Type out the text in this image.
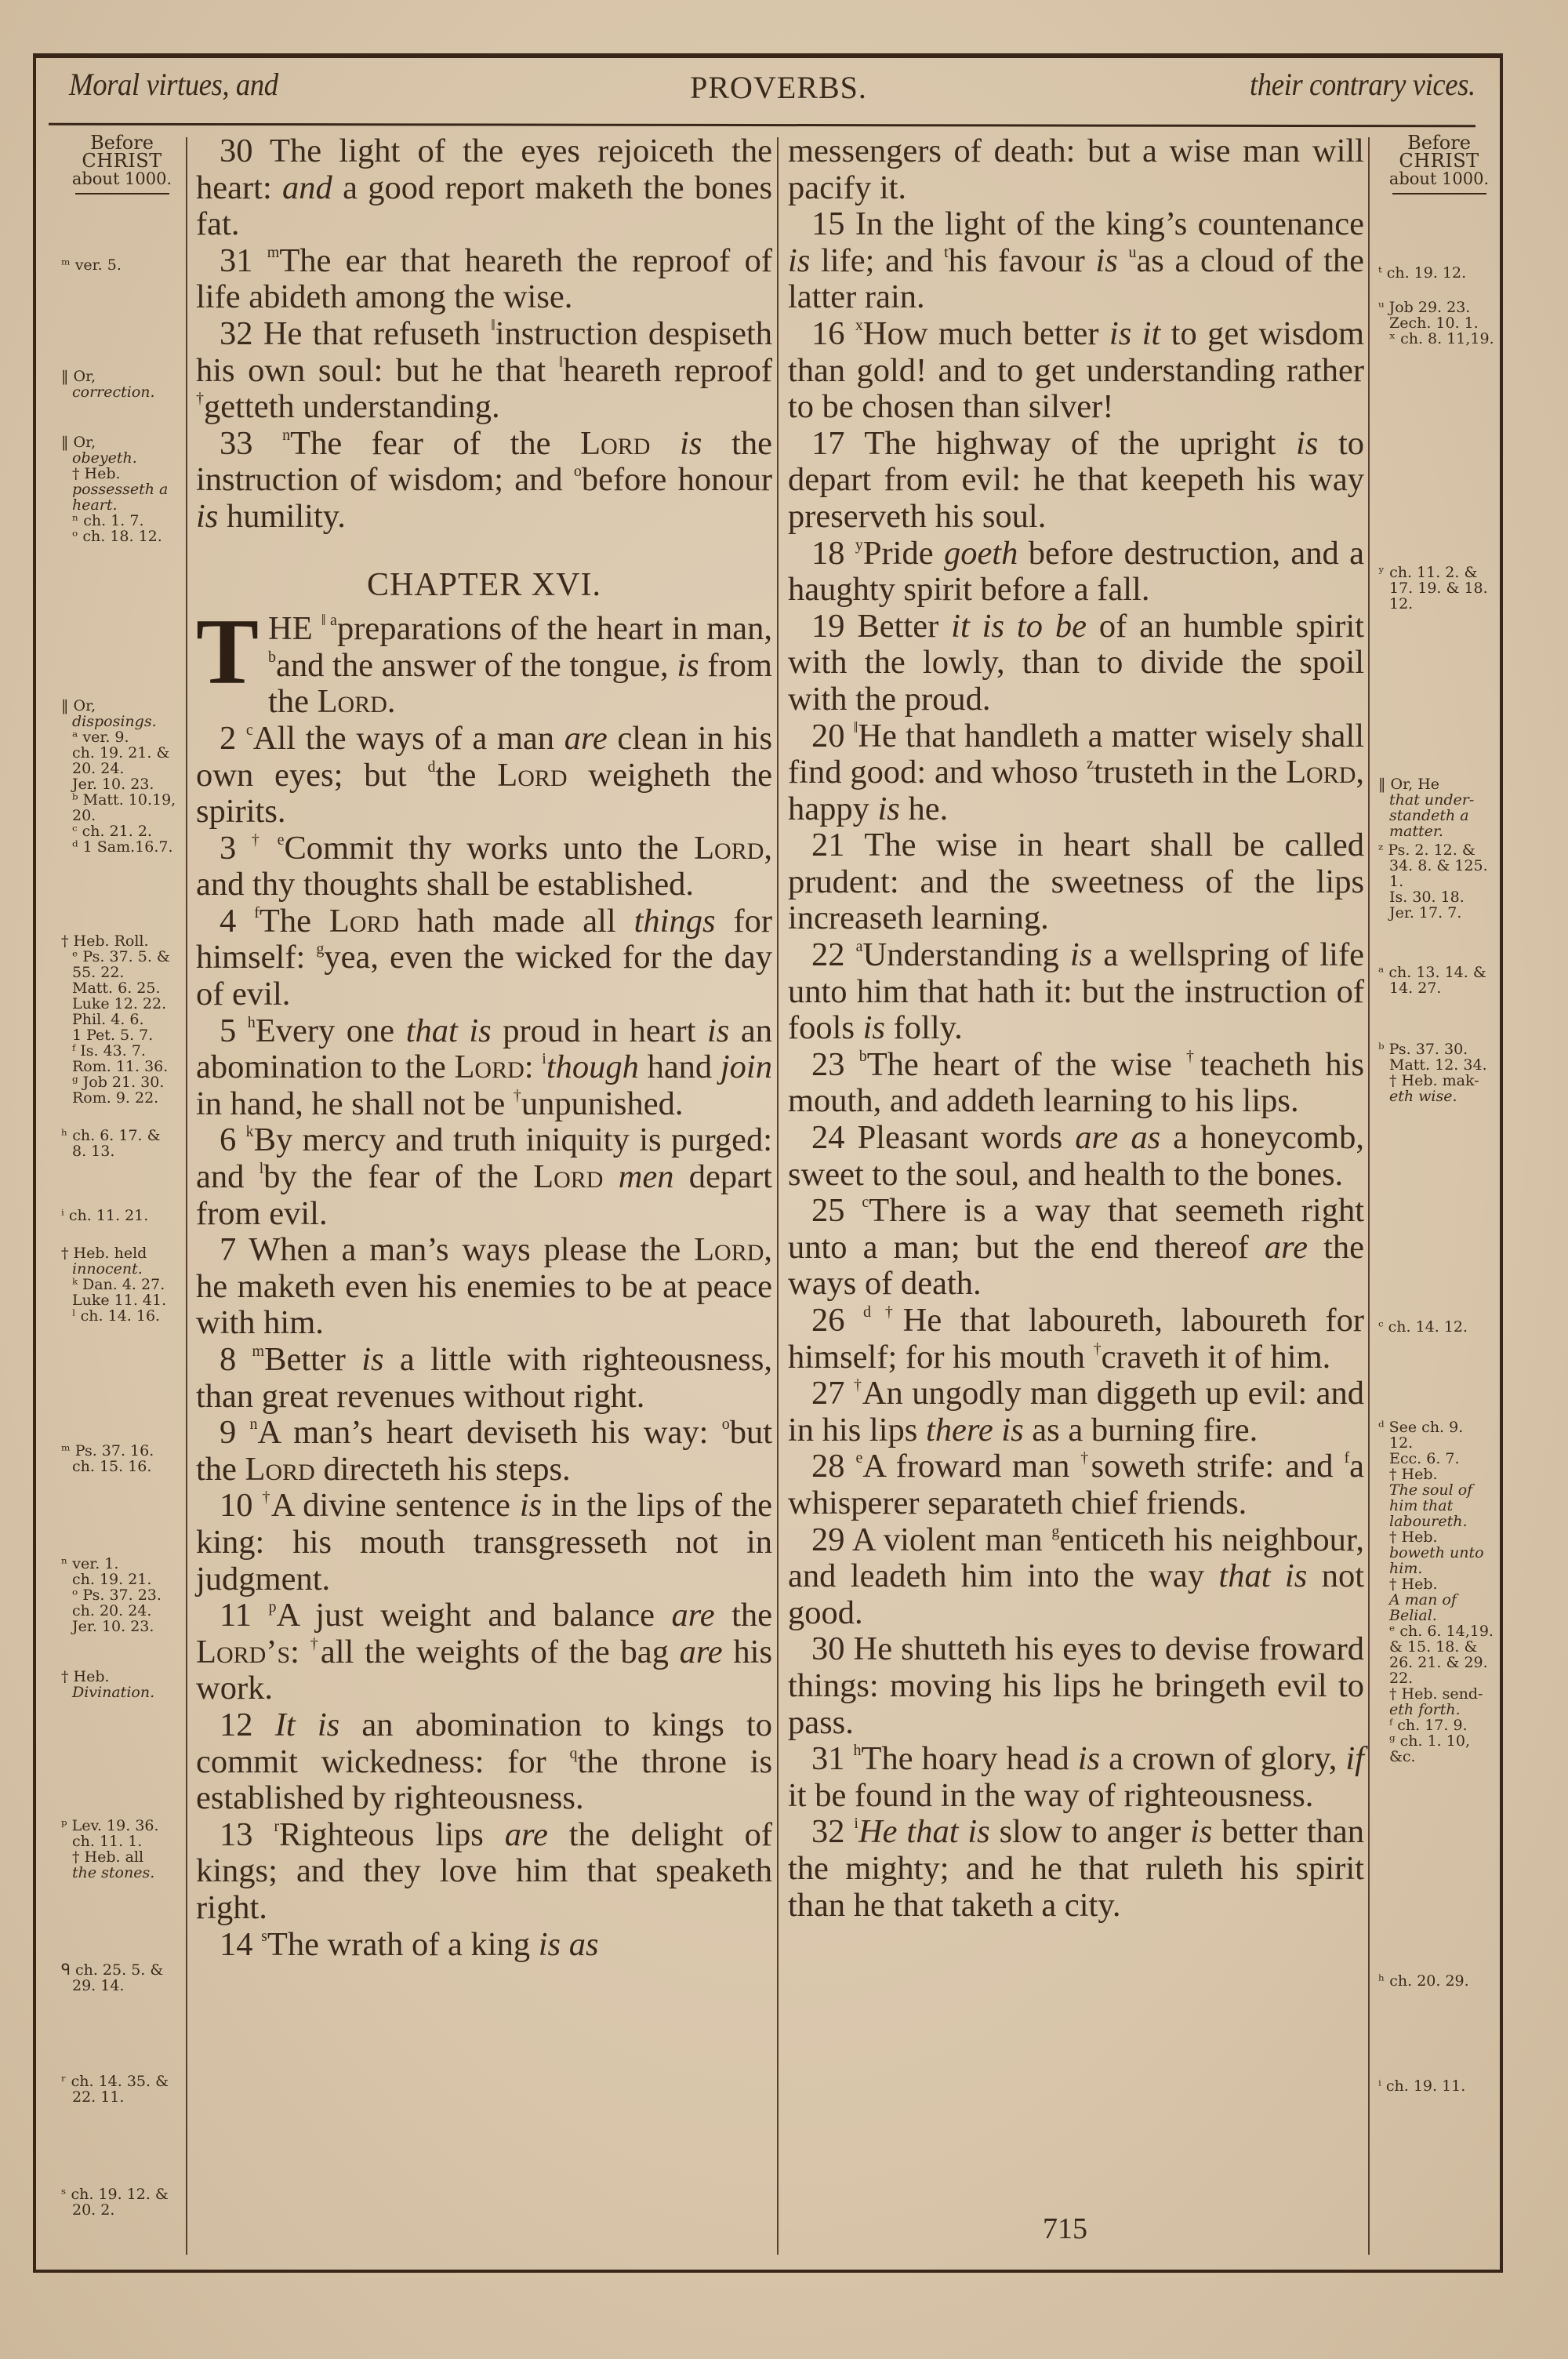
Moral virtues, and	PROVERBS.	their contrary vices.
Before
CHRIST
about 1000.
ᵐ ver. 5.
‖ Or,
correction.
‖ Or,
obeyeth.
† Heb.
possesseth a
heart.
ⁿ ch. 1. 7.
ᵒ ch. 18. 12.
‖ Or,
disposings.
ᵃ ver. 9.
ch. 19. 21. &
20. 24.
Jer. 10. 23.
ᵇ Matt. 10.19,
20.
ᶜ ch. 21. 2.
ᵈ 1 Sam.16.7.
† Heb. Roll.
ᵉ Ps. 37. 5. &
55. 22.
Matt. 6. 25.
Luke 12. 22.
Phil. 4. 6.
1 Pet. 5. 7.
ᶠ Is. 43. 7.
Rom. 11. 36.
ᵍ Job 21. 30.
Rom. 9. 22.
ʰ ch. 6. 17. &
8. 13.
ⁱ ch. 11. 21.
† Heb. held
innocent.
ᵏ Dan. 4. 27.
Luke 11. 41.
ˡ ch. 14. 16.
ᵐ Ps. 37. 16.
ch. 15. 16.
ⁿ ver. 1.
ch. 19. 21.
ᵒ Ps. 37. 23.
ch. 20. 24.
Jer. 10. 23.
† Heb.
Divination.
ᵖ Lev. 19. 36.
ch. 11. 1.
† Heb. all
the stones.
ᑫ ch. 25. 5. &
29. 14.
ʳ ch. 14. 35. &
22. 11.
ˢ ch. 19. 12. &
20. 2.
Before
CHRIST
about 1000.
ᵗ ch. 19. 12.
ᵘ Job 29. 23.
Zech. 10. 1.
ˣ ch. 8. 11,19.
ʸ ch. 11. 2. &
17. 19. & 18.
12.
‖ Or, He
that under-
standeth a
matter.
ᶻ Ps. 2. 12. &
34. 8. & 125.
1.
Is. 30. 18.
Jer. 17. 7.
ᵃ ch. 13. 14. &
14. 27.
ᵇ Ps. 37. 30.
Matt. 12. 34.
† Heb. mak-
eth wise.
ᶜ ch. 14. 12.
ᵈ See ch. 9.
12.
Ecc. 6. 7.
† Heb.
The soul of
him that
laboureth.
† Heb.
boweth unto
him.
† Heb.
A man of
Belial.
ᵉ ch. 6. 14,19.
& 15. 18. &
26. 21. & 29.
22.
† Heb. send-
eth forth.
ᶠ ch. 17. 9.
ᵍ ch. 1. 10,
&c.
ʰ ch. 20. 29.
ⁱ ch. 19. 11.

30 The light of the eyes rejoiceth the heart: and a good report maketh the bones fat.

31 $^m$The ear that heareth the reproof of life abideth among the wise.

32 He that refuseth ‖instruction despiseth his own soul: but he that ‖heareth reproof †getteth understanding.

33 $^n$The fear of the Lord is the instruction of wisdom; and $^o$before honour is humility.

CHAPTER XVI.

THE $^{‖ a}$preparations of the heart in man, $^b$and the answer of the tongue, is from the Lord.

2 $^c$All the ways of a man are clean in his own eyes; but $^d$the Lord weigheth the spirits.

3 $^{\dagger e}$Commit thy works unto the Lord, and thy thoughts shall be established.

4 $^f$The Lord hath made all things for himself: $^g$yea, even the wicked for the day of evil.

5 $^h$Every one that is proud in heart is an abomination to the Lord: $^i$though hand join in hand, he shall not be †unpunished.

6 $^k$By mercy and truth iniquity is purged: and $^l$by the fear of the Lord men depart from evil.

7 When a man’s ways please the Lord, he maketh even his enemies to be at peace with him.

8 $^m$Better is a little with righteousness, than great revenues without right.

9 $^n$A man’s heart deviseth his way: $^o$but the Lord directeth his steps.

10 †A divine sentence is in the lips of the king: his mouth transgresseth not in judgment.

11 $^p$A just weight and balance are the Lord’s: †all the weights of the bag are his work.

12 It is an abomination to kings to commit wickedness: for $^q$the throne is established by righteousness.

13 $^r$Righteous lips are the delight of kings; and they love him that speaketh right.

14 $^s$The wrath of a king is as

messengers of death: but a wise man will pacify it.

15 In the light of the king’s countenance is life; and $^t$his favour is $^u$as a cloud of the latter rain.

16 $^x$How much better is it to get wisdom than gold! and to get understanding rather to be chosen than silver!

17 The highway of the upright is to depart from evil: he that keepeth his way preserveth his soul.

18 $^y$Pride goeth before destruction, and a haughty spirit before a fall.

19 Better it is to be of an humble spirit with the lowly, than to divide the spoil with the proud.

20 ‖He that handleth a matter wisely shall find good: and whoso $^z$trusteth in the Lord, happy is he.

21 The wise in heart shall be called prudent: and the sweetness of the lips increaseth learning.

22 $^a$Understanding is a wellspring of life unto him that hath it: but the instruction of fools is folly.

23 $^b$The heart of the wise †teacheth his mouth, and addeth learning to his lips.

24 Pleasant words are as a honeycomb, sweet to the soul, and health to the bones.

25 $^c$There is a way that seemeth right unto a man; but the end thereof are the ways of death.

26 $^{d \dagger}$He that laboureth, laboureth for himself; for his mouth †craveth it of him.

27 †An ungodly man diggeth up evil: and in his lips there is as a burning fire.

28 $^e$A froward man †soweth strife: and $^f$a whisperer separateth chief friends.

29 A violent man $^g$enticeth his neighbour, and leadeth him into the way that is not good.

30 He shutteth his eyes to devise froward things: moving his lips he bringeth evil to pass.

31 $^h$The hoary head is a crown of glory, if it be found in the way of righteousness.

32 $^i$He that is slow to anger is better than the mighty; and he that ruleth his spirit than he that taketh a city.

715
